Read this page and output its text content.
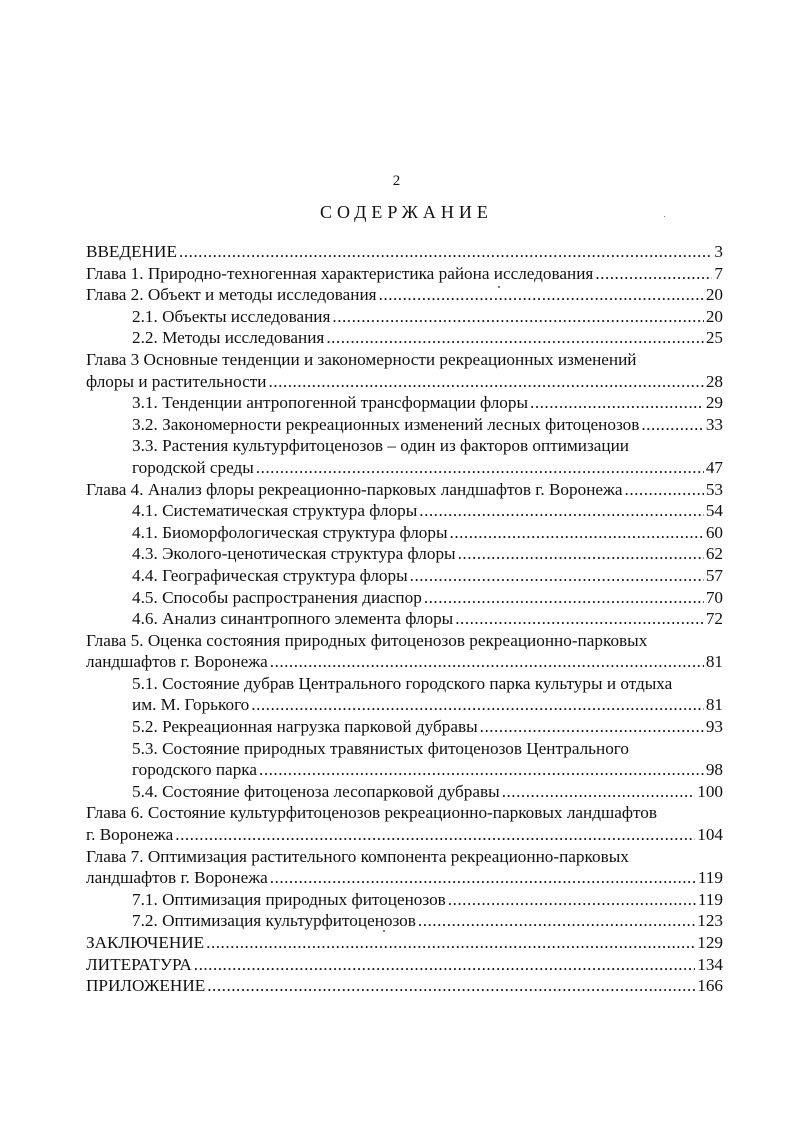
2
СОДЕРЖАНИЕ
ВВЕДЕНИЕ .....	3
Глава 1. Природно-техногенная характеристика района исследования .....	7
Глава 2. Объект и методы исследования .....	20
2.1. Объекты исследования .....	20
2.2. Методы исследования .....	25
Глава 3 Основные тенденции и закономерности рекреационных изменений
флоры и растительности .....	28
3.1. Тенденции антропогенной трансформации флоры .....	29
3.2. Закономерности рекреационных изменений лесных фитоценозов .....	33
3.3. Растения культурфитоценозов – один из факторов оптимизации
городской среды .....	47
Глава 4. Анализ флоры рекреационно-парковых ландшафтов г. Воронежа .....	53
4.1. Систематическая структура флоры .....	54
4.1. Биоморфологическая структура флоры .....	60
4.3. Эколого-ценотическая структура флоры .....	62
4.4. Географическая структура флоры .....	57
4.5. Способы распространения диаспор .....	70
4.6. Анализ синантропного элемента флоры .....	72
Глава 5. Оценка состояния природных фитоценозов рекреационно-парковых
ландшафтов г. Воронежа .....	81
5.1. Состояние дубрав Центрального городского парка культуры и отдыха
им. М. Горького .....	81
5.2. Рекреационная нагрузка парковой дубравы .....	93
5.3. Состояние природных травянистых фитоценозов Центрального
городского парка .....	98
5.4. Состояние фитоценоза лесопарковой дубравы .....	100
Глава 6. Состояние культурфитоценозов рекреационно-парковых ландшафтов
г. Воронежа .....	104
Глава 7. Оптимизация растительного компонента рекреационно-парковых
ландшафтов г. Воронежа .....	119
7.1. Оптимизация природных фитоценозов .....	119
7.2. Оптимизация культурфитоценозов .....	123
ЗАКЛЮЧЕНИЕ .....	129
ЛИТЕРАТУРА .....	134
ПРИЛОЖЕНИЕ .....	166
